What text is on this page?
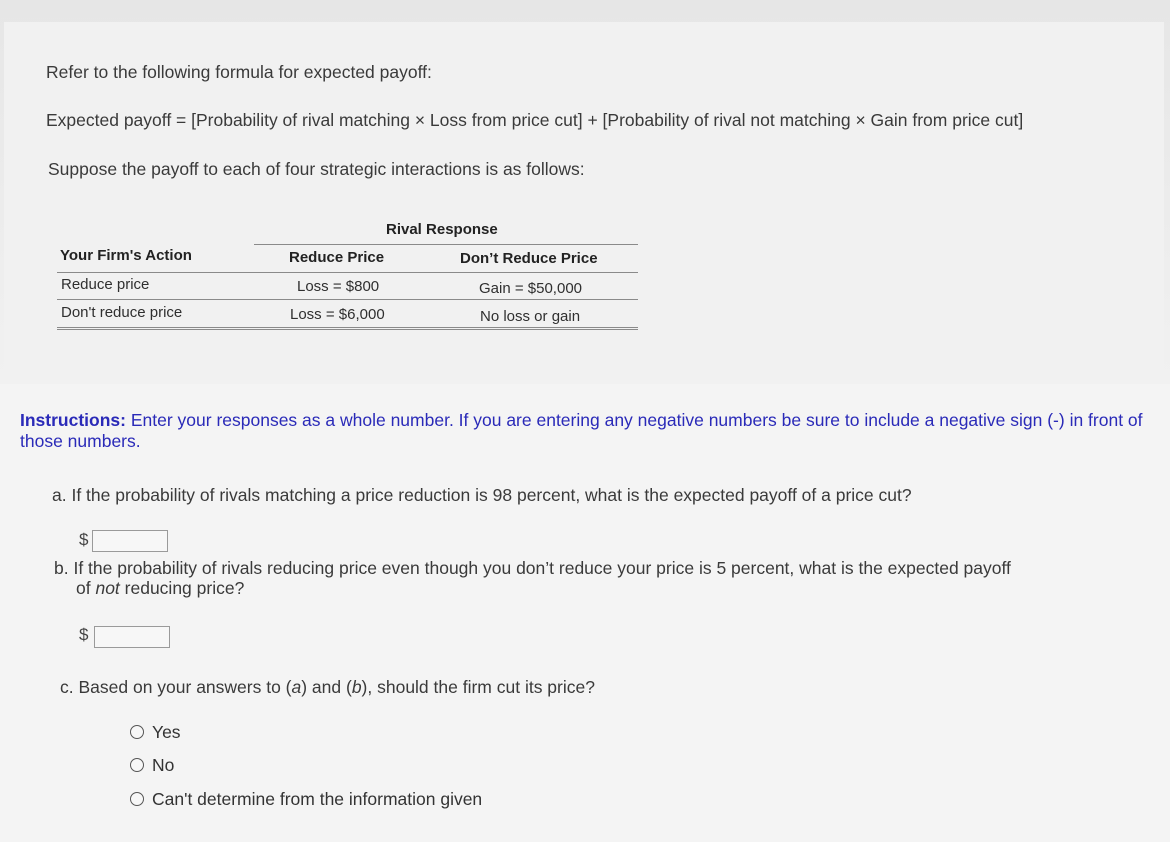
Refer to the following formula for expected payoff:
Expected payoff = [Probability of rival matching × Loss from price cut] + [Probability of rival not matching × Gain from price cut]
Suppose the payoff to each of four strategic interactions is as follows:
Rival Response
Your Firm's Action	Reduce Price	Don’t Reduce Price
Reduce price	Loss = $800	Gain = $50,000
Don't reduce price	Loss = $6,000	No loss or gain
Instructions: Enter your responses as a whole number. If you are entering any negative numbers be sure to include a negative sign (-) in front of those numbers.
a. If the probability of rivals matching a price reduction is 98 percent, what is the expected payoff of a price cut?
$
b. If the probability of rivals reducing price even though you don’t reduce your price is 5 percent, what is the expected payoff
of not reducing price?
$
c. Based on your answers to (a) and (b), should the firm cut its price?
Yes
No
Can't determine from the information given
